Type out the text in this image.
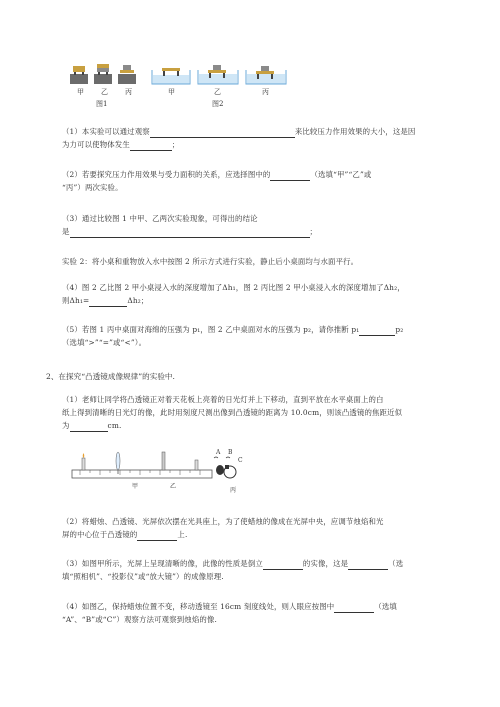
甲 乙 丙
图1
甲	乙	丙
图2
（1）本实验可以通过观察	来比较压力作用效果的大小，这是因
为力可以使物体发生	；
（2）若要探究压力作用效果与受力面积的关系，应选择图中的	（选填“甲”“乙”或
“丙”）两次实验。
（3）通过比较图 1 中甲、乙两次实验现象，可得出的结论
是	；
实验 2：将小桌和重物放入水中按图 2 所示方式进行实验，静止后小桌面均与水面平行。
（4）图 2 乙比图 2 甲小桌浸入水的深度增加了Δh₁，图 2 丙比图 2 甲小桌浸入水的深度增加了Δh₂，
则Δh₁=	Δh₂；
（5）若图 1 丙中桌面对海绵的压强为 p₁，图 2 乙中桌面对水的压强为 p₂，请你推断 p₁	p₂
（选填“>”“=”或“<”）。
2、在探究“凸透镜成像规律”的实验中.
（1）老师让同学将凸透镜正对着天花板上亮着的日光灯并上下移动，直到平放在水平桌面上的白
纸上得到清晰的日光灯的像，此时用刻度尺测出像到凸透镜的距离为 10.0cm，则该凸透镜的焦距近似
为	cm.
甲	乙
A B
C
丙
（2）将蜡烛、凸透镜、光屏依次摆在光具座上，为了使蜡烛的像成在光屏中央，应调节烛焰和光
屏的中心位于凸透镜的	上.
（3）如图甲所示，光屏上呈现清晰的像，此像的性质是倒立	的实像，这是	（选
填“照相机”、“投影仪”或“放大镜”）的成像原理.
（4）如图乙，保持蜡烛位置不变，移动透镜至 16cm 刻度线处，则人眼应按图中	（选填
“A”、“B”或“C”）观察方法可观察到烛焰的像.
